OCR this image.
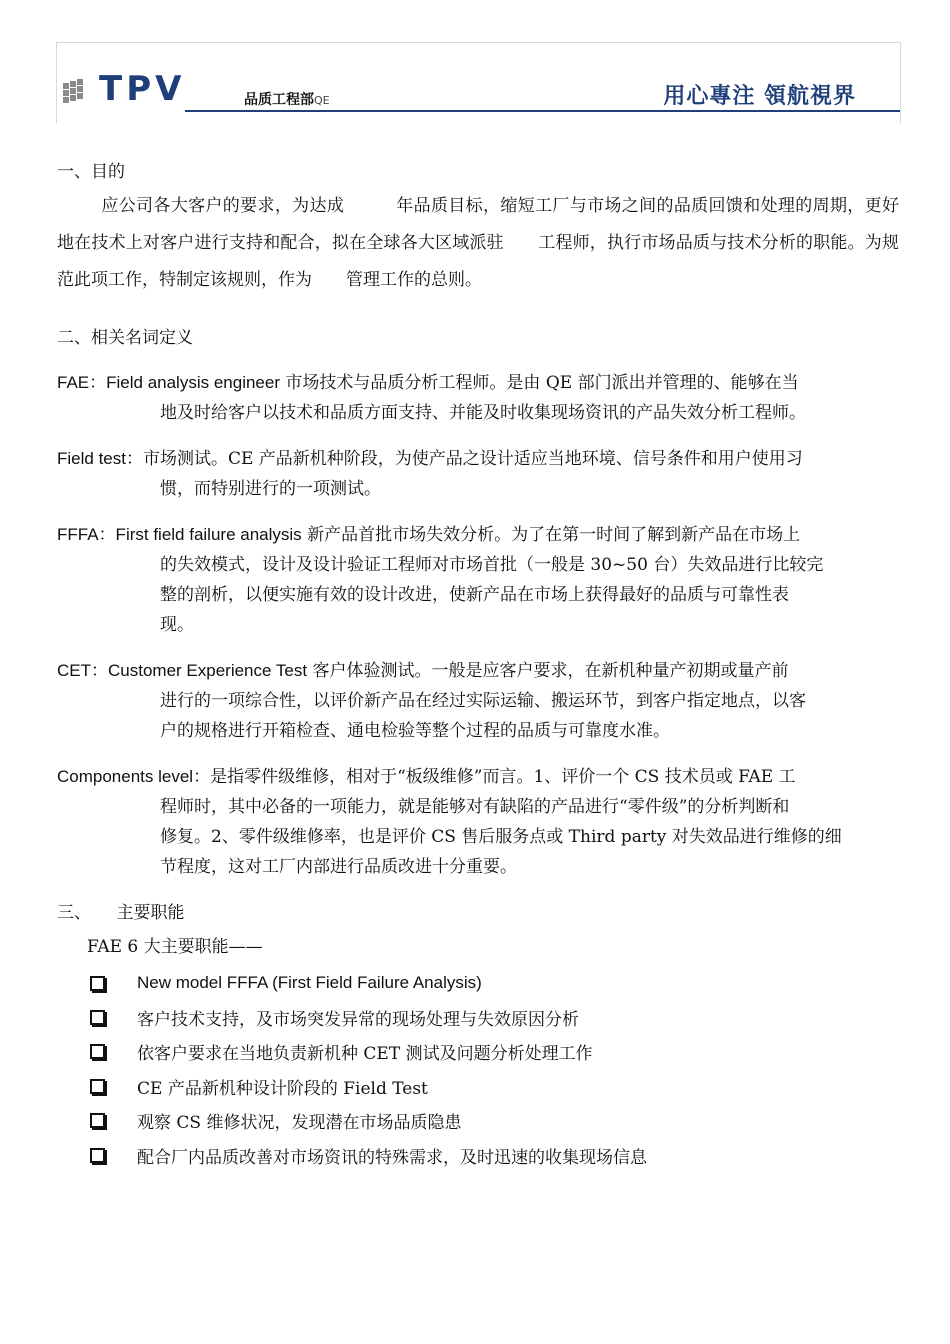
TPV	品质工程部QE	用心專注 領航視界
一、目的
应公司各大客户的要求，为达成　　　年品质目标，缩短工厂与市场之间的品质回馈和处理的周期，更好地在技术上对客户进行支持和配合，拟在全球各大区域派驻　　工程师，执行市场品质与技术分析的职能。为规范此项工作，特制定该规则，作为　　管理工作的总则。
二、相关名词定义
FAE：Field analysis engineer 市场技术与品质分析工程师。是由 QE 部门派出并管理的、能够在当
地及时给客户以技术和品质方面支持、并能及时收集现场资讯的产品失效分析工程师。
Field test：市场测试。CE 产品新机种阶段，为使产品之设计适应当地环境、信号条件和用户使用习
惯，而特别进行的一项测试。
FFFA：First field failure analysis 新产品首批市场失效分析。为了在第一时间了解到新产品在市场上
的失效模式，设计及设计验证工程师对市场首批（一般是 30~50 台）失效品进行比较完
整的剖析，以便实施有效的设计改进，使新产品在市场上获得最好的品质与可靠性表
现。
CET：Customer Experience Test 客户体验测试。一般是应客户要求，在新机种量产初期或量产前
进行的一项综合性，以评价新产品在经过实际运输、搬运环节，到客户指定地点，以客
户的规格进行开箱检查、通电检验等整个过程的品质与可靠度水准。
Components level：是指零件级维修，相对于“板级维修”而言。1、评价一个 CS 技术员或 FAE 工
程师时，其中必备的一项能力，就是能够对有缺陷的产品进行“零件级”的分析判断和
修复。2、零件级维修率，也是评价 CS 售后服务点或 Third party 对失效品进行维修的细
节程度，这对工厂内部进行品质改进十分重要。
三、　　主要职能
FAE 6 大主要职能——
New model FFFA (First Field Failure Analysis)
客户技术支持，及市场突发异常的现场处理与失效原因分析
依客户要求在当地负责新机种 CET 测试及问题分析处理工作
CE 产品新机种设计阶段的 Field Test
观察 CS 维修状况，发现潜在市场品质隐患
配合厂内品质改善对市场资讯的特殊需求，及时迅速的收集现场信息
